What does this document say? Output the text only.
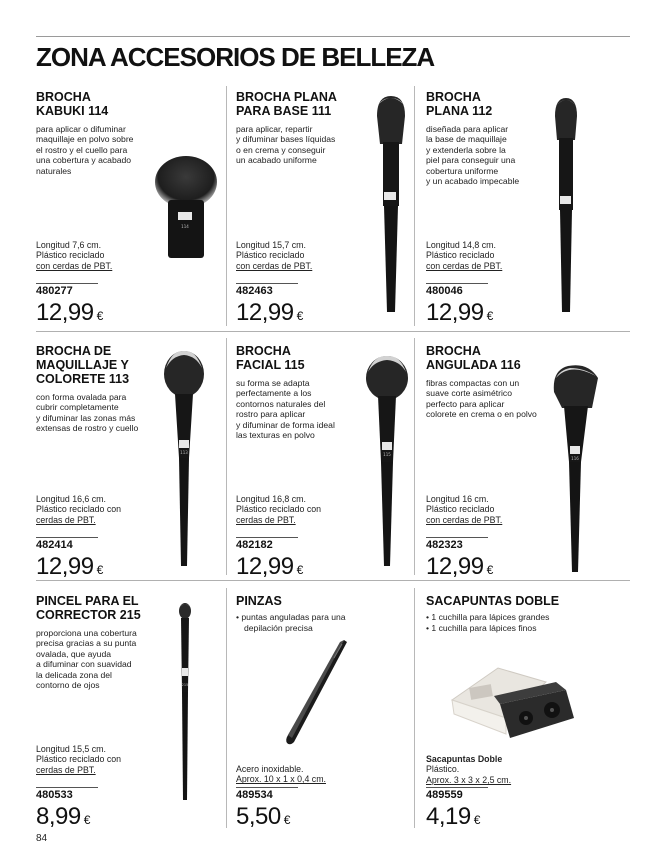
ZONA ACCESORIOS DE BELLEZA
BROCHA
KABUKI 114
para aplicar o difuminar
maquillaje en polvo sobre
el rostro y el cuello para
una cobertura y acabado
naturales
114
Longitud 7,6 cm.
Plástico reciclado
con cerdas de PBT.
480277
12,99 €
BROCHA PLANA
PARA BASE 111
para aplicar, repartir
y difuminar bases líquidas
o en crema y conseguir
un acabado uniforme
Longitud 15,7 cm.
Plástico reciclado
con cerdas de PBT.
482463
12,99 €
BROCHA
PLANA 112
diseñada para aplicar
la base de maquillaje
y extenderla sobre la
piel para conseguir una
cobertura uniforme
y un acabado impecable
Longitud 14,8 cm.
Plástico reciclado
con cerdas de PBT.
480046
12,99 €
BROCHA DE
MAQUILLAJE Y
COLORETE 113
con forma ovalada para
cubrir completamente
y difuminar las zonas más
extensas de rostro y cuello
113
Longitud 16,6 cm.
Plástico reciclado con
cerdas de PBT.
482414
12,99 €
BROCHA
FACIAL 115
su forma se adapta
perfectamente a los
contornos naturales del
rostro para aplicar
y difuminar de forma ideal
las texturas en polvo
115
Longitud 16,8 cm.
Plástico reciclado con
cerdas de PBT.
482182
12,99 €
BROCHA
ANGULADA 116
fibras compactas con un
suave corte asimétrico
perfecto para aplicar
colorete en crema o en polvo
116
Longitud 16 cm.
Plástico reciclado
con cerdas de PBT.
482323
12,99 €
PINCEL PARA EL
CORRECTOR 215
proporciona una cobertura
precisa gracias a su punta
ovalada, que ayuda
a difuminar con suavidad
la delicada zona del
contorno de ojos	215
Longitud 15,5 cm.
Plástico reciclado con
cerdas de PBT.
480533
8,99 €
PINZAS
• puntas anguladas para una depilación precisa
Acero inoxidable.
Aprox. 10 x 1 x 0,4 cm.
489534
5,50 €
SACAPUNTAS DOBLE
• 1 cuchilla para lápices grandes
• 1 cuchilla para lápices finos
Sacapuntas Doble
Plástico.
Aprox. 3 x 3 x 2,5 cm.
489559
4,19 €
84
